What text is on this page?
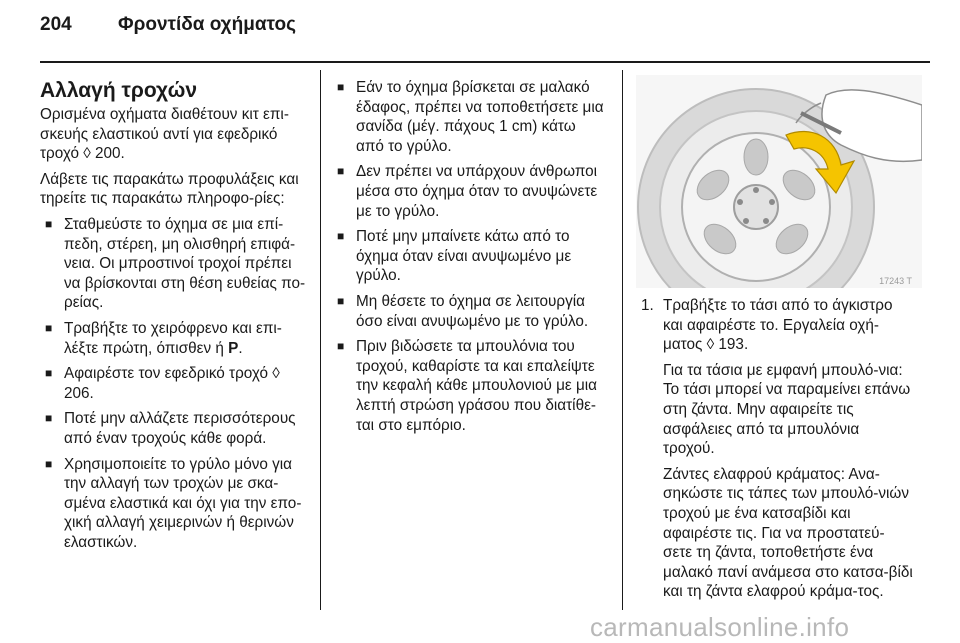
204 Φροντίδα οχήματος
Αλλαγή τροχών

Ορισμένα οχήματα διαθέτουν κιτ επι-σκευής ελαστικού αντί για εφεδρικό τροχό ◊ 200.

Λάβετε τις παρακάτω προφυλάξεις και τηρείτε τις παρακάτω πληροφο-ρίες:

■ Σταθμεύστε το όχημα σε μια επί-πεδη, στέρεη, μη ολισθηρή επιφά-νεια. Οι μπροστινοί τροχοί πρέπει να βρίσκονται στη θέση ευθείας πο-ρείας.
■ Τραβήξτε το χειρόφρενο και επι-λέξτε πρώτη, όπισθεν ή P.
■ Αφαιρέστε τον εφεδρικό τροχό ◊ 206.
■ Ποτέ μην αλλάζετε περισσότερους από έναν τροχούς κάθε φορά.
■ Χρησιμοποιείτε το γρύλο μόνο για την αλλαγή των τροχών με σκα-σμένα ελαστικά και όχι για την επο-χική αλλαγή χειμερινών ή θερινών ελαστικών.
■ Εάν το όχημα βρίσκεται σε μαλακό έδαφος, πρέπει να τοποθετήσετε μια σανίδα (μέγ. πάχους 1 cm) κάτω από το γρύλο.
■ Δεν πρέπει να υπάρχουν άνθρωποι μέσα στο όχημα όταν το ανυψώνετε με το γρύλο.
■ Ποτέ μην μπαίνετε κάτω από το όχημα όταν είναι ανυψωμένο με γρύλο.
■ Μη θέσετε το όχημα σε λειτουργία όσο είναι ανυψωμένο με το γρύλο.
■ Πριν βιδώσετε τα μπουλόνια του τροχού, καθαρίστε τα και επαλείψτε την κεφαλή κάθε μπουλονιού με μια λεπτή στρώση γράσου που διατίθε-ται στο εμπόριο.
17243 T
1. Τραβήξτε το τάσι από το άγκιστρο και αφαιρέστε το. Εργαλεία οχή-ματος ◊ 193.

Για τα τάσια με εμφανή μπουλό-νια: Το τάσι μπορεί να παραμείνει επάνω στη ζάντα. Μην αφαιρείτε τις ασφάλειες από τα μπουλόνια τροχού.

Ζάντες ελαφρού κράματος: Ανα-σηκώστε τις τάπες των μπουλό-νιών τροχού με ένα κατσαβίδι και αφαιρέστε τις. Για να προστατεύ-σετε τη ζάντα, τοποθετήστε ένα μαλακό πανί ανάμεσα στο κατσα-βίδι και τη ζάντα ελαφρού κράμα-τος.

carmanualsonline.info
